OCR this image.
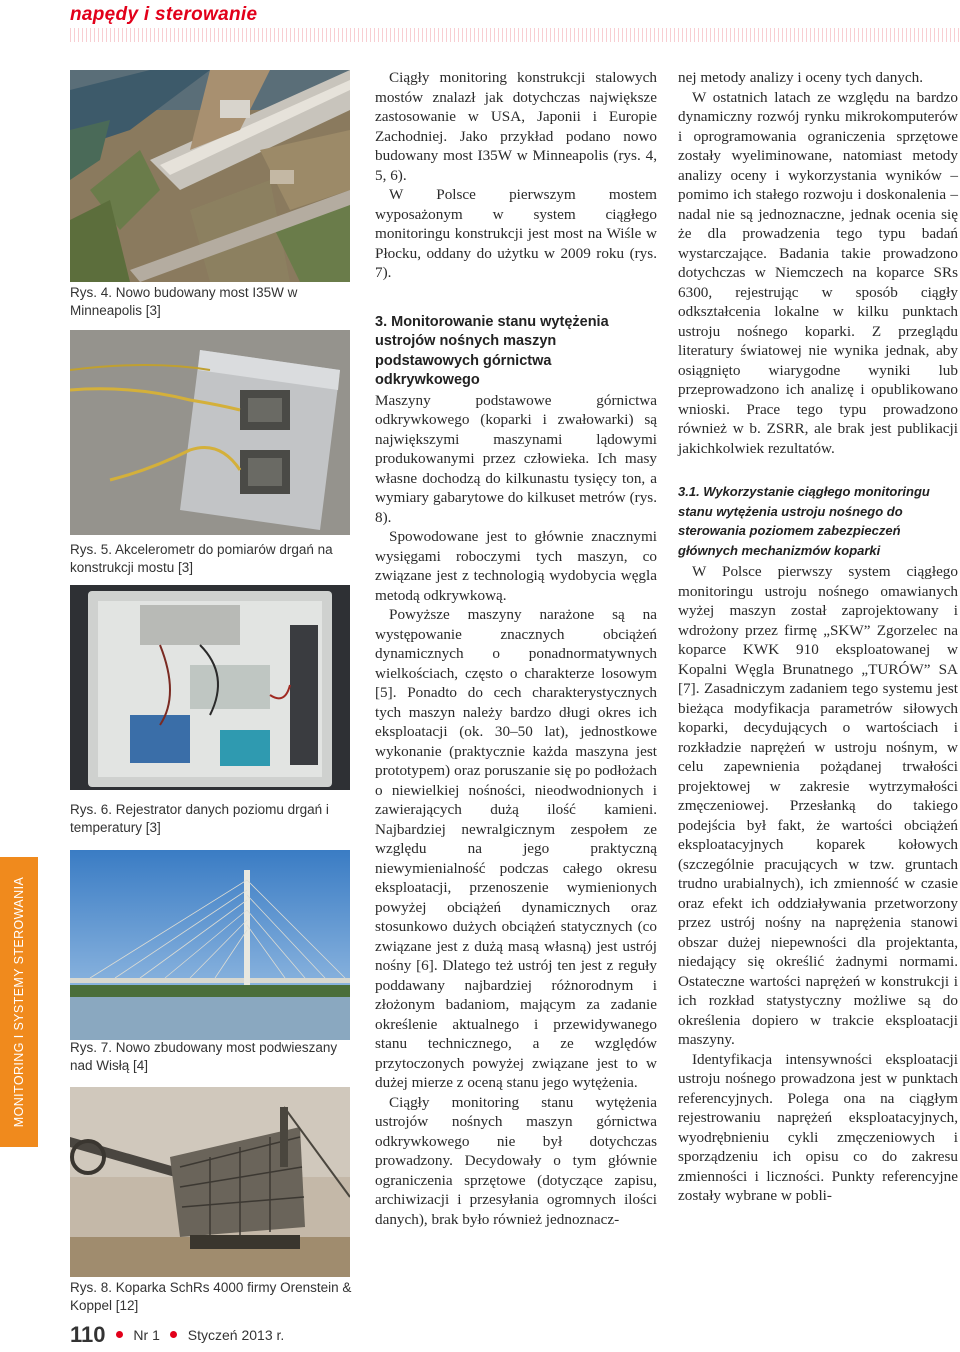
napędy i sterowanie
MONITORING I SYSTEMY STEROWANIA
Rys. 4. Nowo budowany most I35W w Minneapolis [3]
Rys. 5. Akcelerometr do pomiarów drgań na konstrukcji mostu [3]
Rys. 6. Rejestrator danych poziomu drgań i temperatury [3]
Rys. 7. Nowo zbudowany most podwieszany nad Wisłą [4]
Rys. 8. Koparka SchRs 4000 firmy Orenstein & Koppel [12]

Ciągły monitoring konstrukcji stalowych mostów znalazł jak dotychczas największe zastosowanie w USA, Japonii i Europie Zachodniej. Jako przykład podano nowo budowany most I35W w Minneapolis (rys. 4, 5, 6).

W Polsce pierwszym mostem wyposażonym w system ciągłego monitoringu konstrukcji jest most na Wiśle w Płocku, oddany do użytku w 2009 roku (rys. 7).

3. Monitorowanie stanu wytężenia ustrojów nośnych maszyn podstawowych górnictwa odkrywkowego

Maszyny podstawowe górnictwa odkrywkowego (koparki i zwałowarki) są największymi maszynami lądowymi produkowanymi przez człowieka. Ich masy własne dochodzą do kilkunastu tysięcy ton, a wymiary gabarytowe do kilkuset metrów (rys. 8).

Spowodowane jest to głównie znacznymi wysięgami roboczymi tych maszyn, co związane jest z technologią wydobycia węgla metodą odkrywkową.

Powyższe maszyny narażone są na występowanie znacznych obciążeń dynamicznych o ponadnormatywnych wielkościach, często o charakterze losowym [5]. Ponadto do cech charakterystycznych tych maszyn należy bardzo długi okres ich eksploatacji (ok. 30–50 lat), jednostkowe wykonanie (praktycznie każda maszyna jest prototypem) oraz poruszanie się po podłożach o niewielkiej nośności, nieodwodnionych i zawierających dużą ilość kamieni. Najbardziej newralgicznym zespołem ze względu na jego praktyczną niewymienialność podczas całego okresu eksploatacji, przenoszenie wymienionych powyżej obciążeń dynamicznych oraz stosunkowo dużych obciążeń statycznych (co związane jest z dużą masą własną) jest ustrój nośny [6]. Dlatego też ustrój ten jest z reguły poddawany najbardziej różnorodnym i złożonym badaniom, mającym za zadanie określenie aktualnego i przewidywanego stanu technicznego, a ze względów przytoczonych powyżej związane jest to w dużej mierze z oceną stanu jego wytężenia.

Ciągły monitoring stanu wytężenia ustrojów nośnych maszyn górnictwa odkrywkowego nie był dotychczas prowadzony. Decydowały o tym głównie ograniczenia sprzętowe (dotyczące zapisu, archiwizacji i przesyłania ogromnych ilości danych), brak było również jednoznacz-

nej metody analizy i oceny tych danych.

W ostatnich latach ze względu na bardzo dynamiczny rozwój rynku mikrokomputerów i oprogramowania ograniczenia sprzętowe zostały wyeliminowane, natomiast metody analizy oceny i wykorzystania wyników – pomimo ich stałego rozwoju i doskonalenia – nadal nie są jednoznaczne, jednak ocenia się że dla prowadzenia tego typu badań wystarczające. Badania takie prowadzono dotychczas w Niemczech na koparce SRs 6300, rejestrując w sposób ciągły odkształcenia lokalne w kilku punktach ustroju nośnego koparki. Z przeglądu literatury światowej nie wynika jednak, aby osiągnięto wiarygodne wyniki lub przeprowadzono ich analizę i opublikowano wnioski. Prace tego typu prowadzono również w b. ZSRR, ale brak jest publikacji jakichkolwiek rezultatów.

3.1. Wykorzystanie ciągłego monitoringu stanu wytężenia ustroju nośnego do sterowania poziomem zabezpieczeń głównych mechanizmów koparki

W Polsce pierwszy system ciągłego monitoringu ustroju nośnego omawianych wyżej maszyn został zaprojektowany i wdrożony przez firmę „SKW” Zgorzelec na koparce KWK 910 eksploatowanej w Kopalni Węgla Brunatnego „TURÓW” SA [7]. Zasadniczym zadaniem tego systemu jest bieżąca modyfikacja parametrów siłowych koparki, decydujących o wartościach i rozkładzie naprężeń w ustroju nośnym, w celu zapewnienia pożądanej trwałości projektowej w zakresie wytrzymałości zmęczeniowej. Przesłanką do takiego podejścia był fakt, że wartości obciążeń eksploatacyjnych koparek kołowych (szczególnie pracujących w tzw. gruntach trudno urabialnych), ich zmienność w czasie oraz efekt ich oddziaływania przetworzony przez ustrój nośny na naprężenia stanowi obszar dużej niepewności dla projektanta, niedający się określić żadnymi normami. Ostateczne wartości naprężeń w konstrukcji i ich rozkład statystyczny możliwe są do określenia dopiero w trakcie eksploatacji maszyny.

Identyfikacja intensywności eksploatacji ustroju nośnego prowadzona jest w punktach referencyjnych. Polega ona na ciągłym rejestrowaniu naprężeń eksploatacyjnych, wyodrębnieniu cykli zmęczeniowych i sporządzeniu ich opisu co do zakresu zmienności i liczności. Punkty referencyjne zostały wybrane w pobli-

110 Nr 1 Styczeń 2013 r.
